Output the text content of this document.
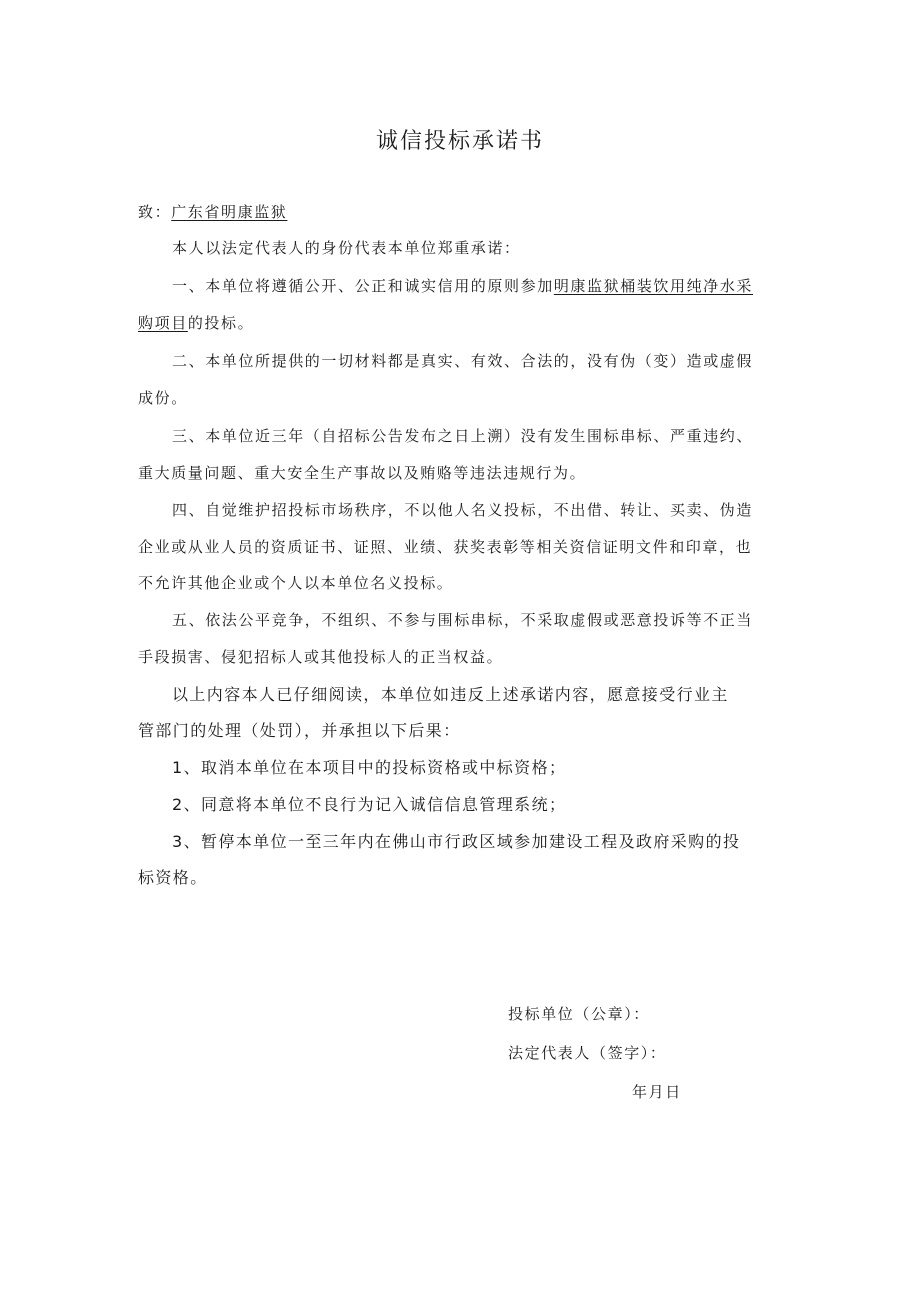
诚信投标承诺书
致：广东省明康监狱
本人以法定代表人的身份代表本单位郑重承诺：
一、本单位将遵循公开、公正和诚实信用的原则参加明康监狱桶装饮用纯净水采
购项目的投标。
二、本单位所提供的一切材料都是真实、有效、合法的，没有伪（变）造或虚假
成份。
三、本单位近三年（自招标公告发布之日上溯）没有发生围标串标、严重违约、
重大质量问题、重大安全生产事故以及贿赂等违法违规行为。
四、自觉维护招投标市场秩序，不以他人名义投标，不出借、转让、买卖、伪造
企业或从业人员的资质证书、证照、业绩、获奖表彰等相关资信证明文件和印章，也
不允许其他企业或个人以本单位名义投标。
五、依法公平竞争，不组织、不参与围标串标，不采取虚假或恶意投诉等不正当
手段损害、侵犯招标人或其他投标人的正当权益。
以上内容本人已仔细阅读，本单位如违反上述承诺内容，愿意接受行业主
管部门的处理（处罚），并承担以下后果：
1、取消本单位在本项目中的投标资格或中标资格；
2、同意将本单位不良行为记入诚信信息管理系统；
3、暂停本单位一至三年内在佛山市行政区域参加建设工程及政府采购的投
标资格。
投标单位（公章）：
法定代表人（签字）：
年月日
